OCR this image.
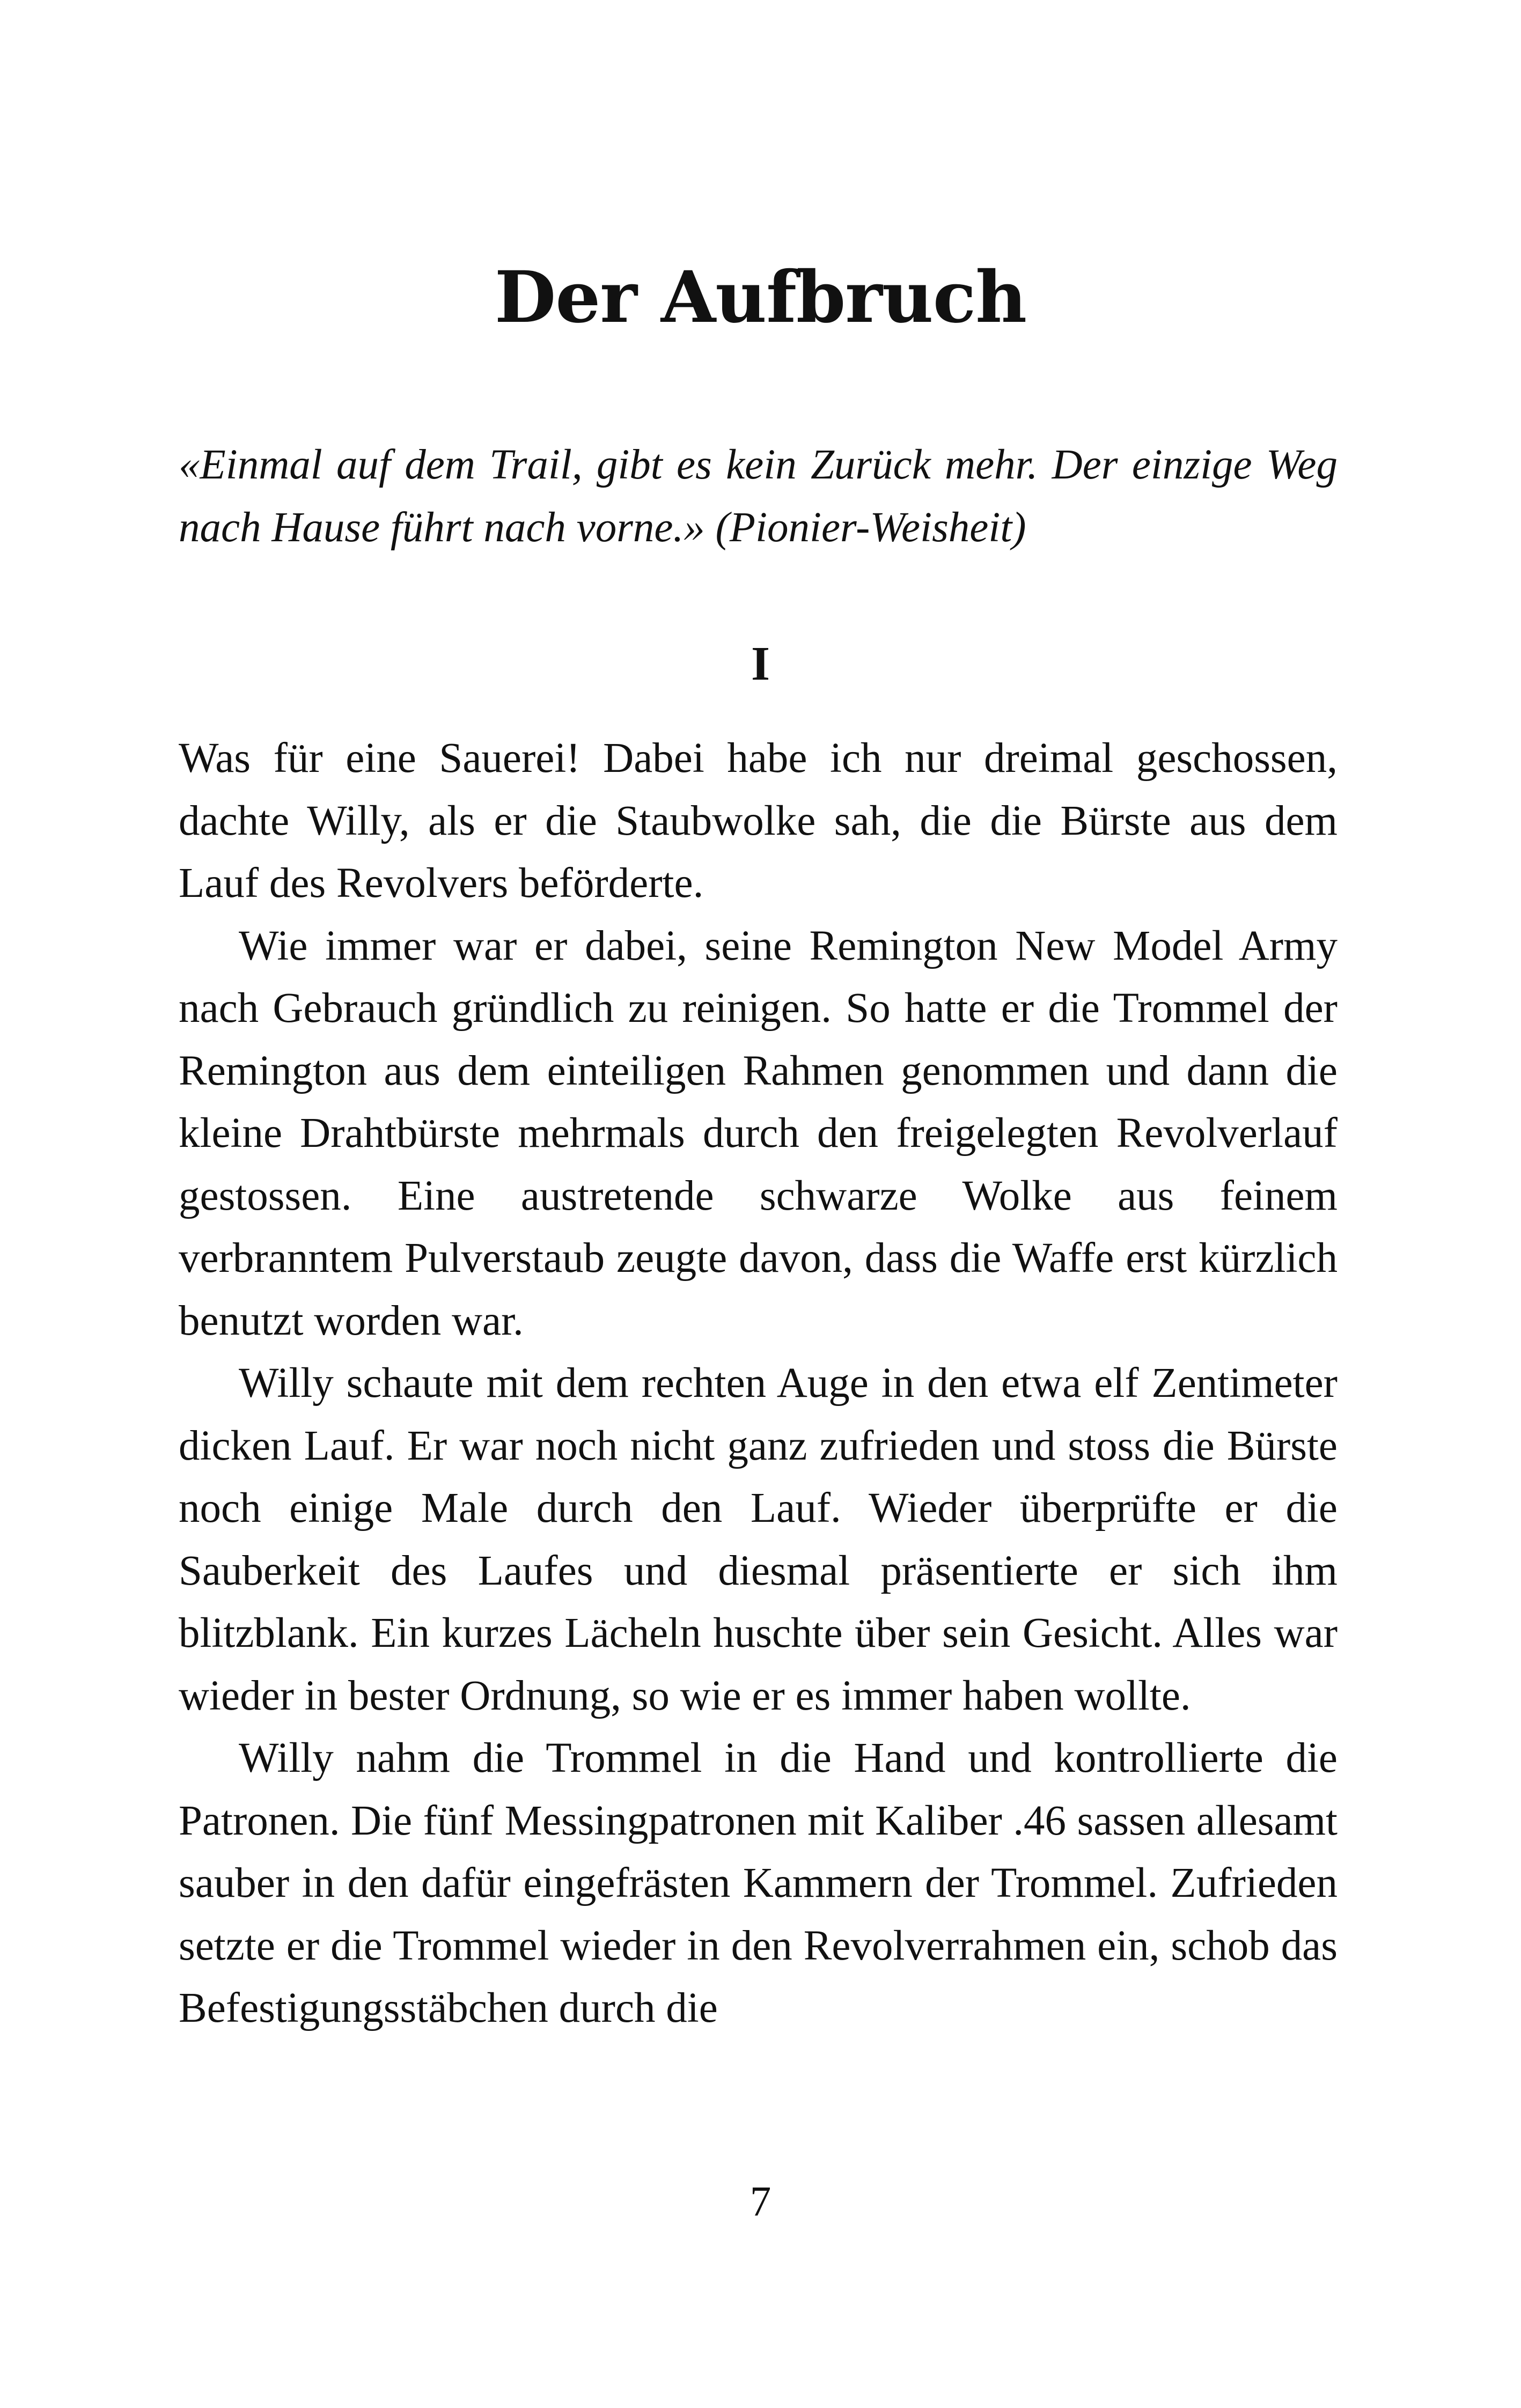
Der Aufbruch

«Einmal auf dem Trail, gibt es kein Zurück mehr. Der einzige Weg nach Hause führt nach vorne.» (Pionier-Weisheit)

I

Was für eine Sauerei! Dabei habe ich nur dreimal geschossen, dachte Willy, als er die Staubwolke sah, die die Bürste aus dem Lauf des Revolvers beförderte.

Wie immer war er dabei, seine Remington New Model Army nach Gebrauch gründlich zu reinigen. So hatte er die Trommel der Remington aus dem einteiligen Rahmen genommen und dann die kleine Drahtbürste mehrmals durch den freigelegten Revolverlauf gestossen. Eine austretende schwarze Wolke aus feinem verbranntem Pulverstaub zeugte davon, dass die Waffe erst kürzlich benutzt worden war.

Willy schaute mit dem rechten Auge in den etwa elf Zentimeter dicken Lauf. Er war noch nicht ganz zufrieden und stoss die Bürste noch einige Male durch den Lauf. Wieder überprüfte er die Sauberkeit des Laufes und diesmal präsentierte er sich ihm blitzblank. Ein kurzes Lächeln huschte über sein Gesicht. Alles war wieder in bester Ordnung, so wie er es immer haben wollte.

Willy nahm die Trommel in die Hand und kontrollierte die Patronen. Die fünf Messingpatronen mit Kaliber .46 sassen allesamt sauber in den dafür eingefrästen Kammern der Trommel. Zufrieden setzte er die Trommel wieder in den Revolverrahmen ein, schob das Befestigungsstäbchen durch die

7
